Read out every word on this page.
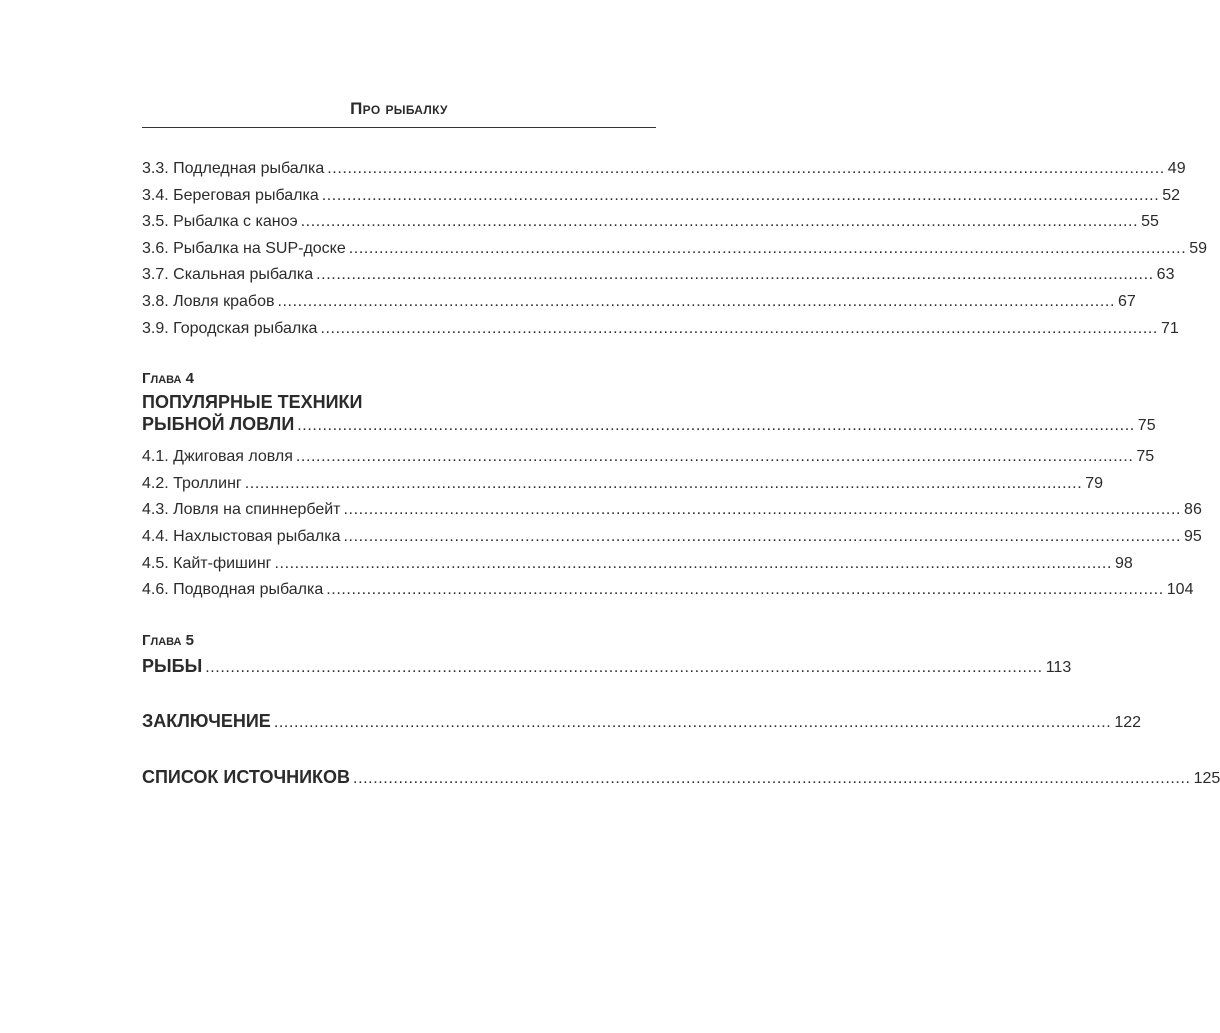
Про рыбалку
3.3. Подледная рыбалка ...................................................................................................................................................................... 49
3.4. Береговая рыбалка ...................................................................................................................................................................... 52
3.5. Рыбалка с каноэ ...................................................................................................................................................................... 55
3.6. Рыбалка на SUP-доске ...................................................................................................................................................................... 59
3.7. Скальная рыбалка ...................................................................................................................................................................... 63
3.8. Ловля крабов ...................................................................................................................................................................... 67
3.9. Городская рыбалка ...................................................................................................................................................................... 71
Глава 4
ПОПУЛЯРНЫЕ ТЕХНИКИ
РЫБНОЙ ЛОВЛИ ...................................................................................................................................................................... 75
4.1. Джиговая ловля ...................................................................................................................................................................... 75
4.2. Троллинг ...................................................................................................................................................................... 79
4.3. Ловля на спиннербейт ...................................................................................................................................................................... 86
4.4. Нахлыстовая рыбалка ...................................................................................................................................................................... 95
4.5. Кайт-фишинг ...................................................................................................................................................................... 98
4.6. Подводная рыбалка ...................................................................................................................................................................... 104
Глава 5
РЫБЫ ...................................................................................................................................................................... 113
ЗАКЛЮЧЕНИЕ ...................................................................................................................................................................... 122
СПИСОК ИСТОЧНИКОВ ...................................................................................................................................................................... 125
